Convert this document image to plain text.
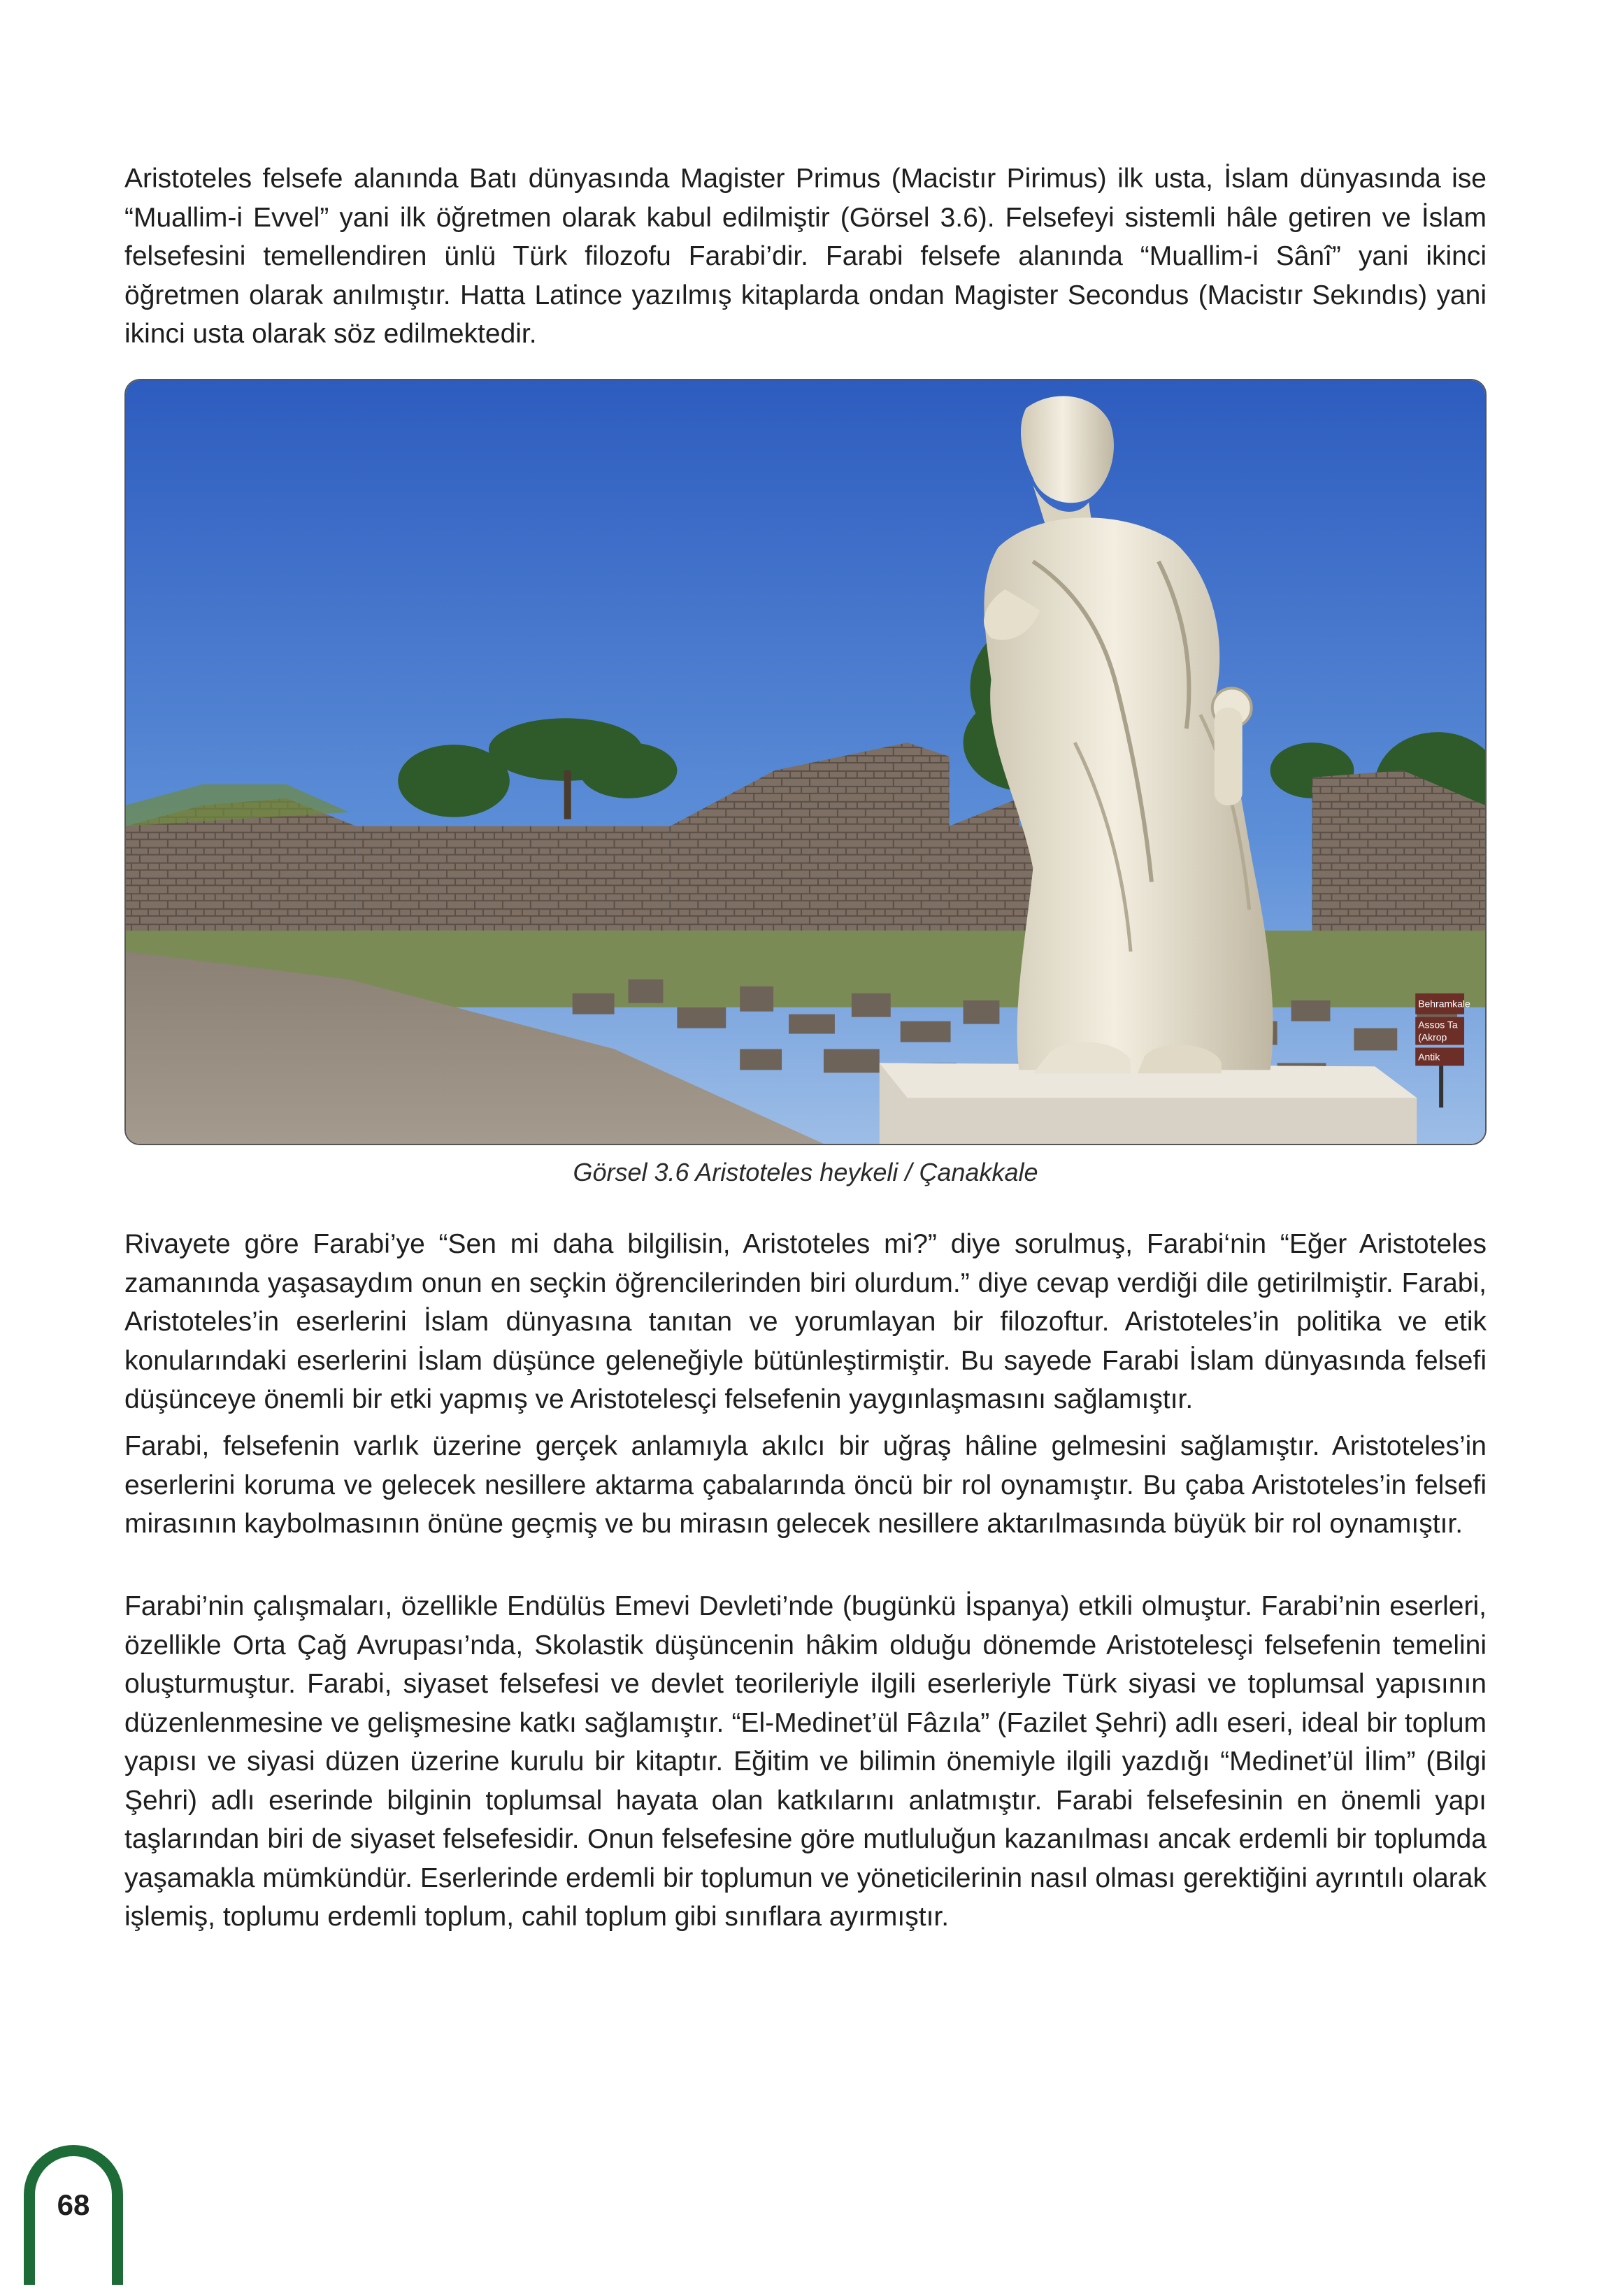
Aristoteles felsefe alanında Batı dünyasında Magister Primus (Macistır Pirimus) ilk usta, İslam dünyasında ise “Muallim-i Evvel” yani ilk öğretmen olarak kabul edilmiştir (Görsel 3.6). Felsefeyi sistemli hâle getiren ve İslam felsefesini temellendiren ünlü Türk filozofu Farabi’dir. Farabi felsefe alanında “Muallim-i Sânî” yani ikinci öğretmen olarak anılmıştır. Hatta Latince yazılmış kitaplarda ondan Magister Secondus (Macistır Sekındıs) yani ikinci usta olarak söz edilmektedir.

Behramkale
Assos Ta
(Akrop
Antik
Görsel 3.6 Aristoteles heykeli / Çanakkale

Rivayete göre Farabi’ye “Sen mi daha bilgilisin, Aristoteles mi?” diye sorulmuş, Farabi‘nin “Eğer Aristoteles zamanında yaşasaydım onun en seçkin öğrencilerinden biri olurdum.” diye cevap verdiği dile getirilmiştir. Farabi, Aristoteles’in eserlerini İslam dünyasına tanıtan ve yorumlayan bir filozoftur. Aristoteles’in politika ve etik konularındaki eserlerini İslam düşünce geleneğiyle bütünleştirmiştir. Bu sayede Farabi İslam dünyasında felsefi düşünceye önemli bir etki yapmış ve Aristotelesçi felsefenin yaygınlaşmasını sağlamıştır.

Farabi, felsefenin varlık üzerine gerçek anlamıyla akılcı bir uğraş hâline gelmesini sağlamıştır. Aristoteles’in eserlerini koruma ve gelecek nesillere aktarma çabalarında öncü bir rol oynamıştır. Bu çaba Aristoteles’in felsefi mirasının kaybolmasının önüne geçmiş ve bu mirasın gelecek nesillere aktarılmasında büyük bir rol oynamıştır.

Farabi’nin çalışmaları, özellikle Endülüs Emevi Devleti’nde (bugünkü İspanya) etkili olmuştur. Farabi’nin eserleri, özellikle Orta Çağ Avrupası’nda, Skolastik düşüncenin hâkim olduğu dönemde Aristotelesçi felsefenin temelini oluşturmuştur. Farabi, siyaset felsefesi ve devlet teorileriyle ilgili eserleriyle Türk siyasi ve toplumsal yapısının düzenlenmesine ve gelişmesine katkı sağlamıştır. “El-Medinet’ül Fâzıla” (Fazilet Şehri) adlı eseri, ideal bir toplum yapısı ve siyasi düzen üzerine kurulu bir kitaptır. Eğitim ve bilimin önemiyle ilgili yazdığı “Medinet’ül İlim” (Bilgi Şehri) adlı eserinde bilginin toplumsal hayata olan katkılarını anlatmıştır. Farabi felsefesinin en önemli yapı taşlarından biri de siyaset felsefesidir. Onun felsefesine göre mutluluğun kazanılması ancak erdemli bir toplumda yaşamakla mümkündür. Eserlerinde erdemli bir toplumun ve yöneticilerinin nasıl olması gerektiğini ayrıntılı olarak işlemiş, toplumu erdemli toplum, cahil toplum gibi sınıflara ayırmıştır.

68
